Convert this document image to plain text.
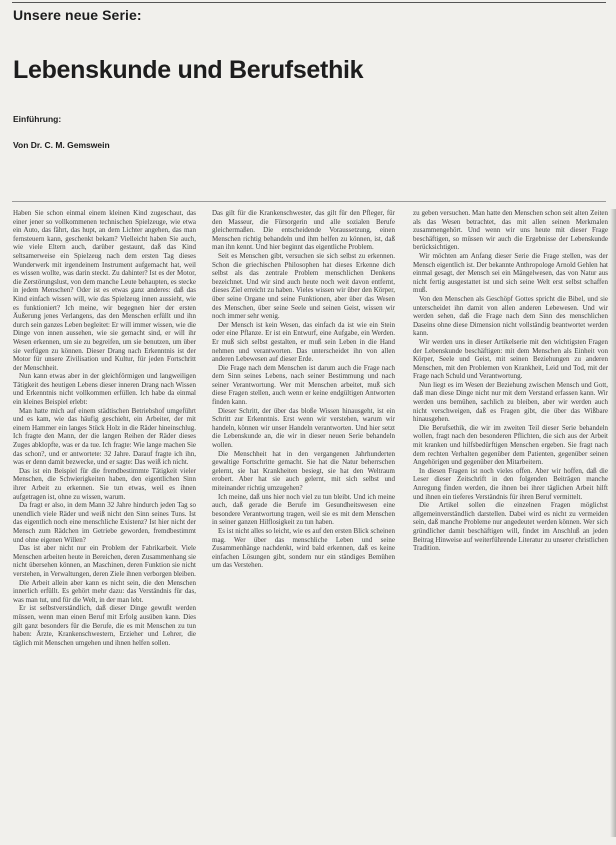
Unsere neue Serie:
Lebenskunde und Berufsethik
Einführung:
Von Dr. C. M. Gemswein

Haben Sie schon einmal einem kleinen Kind zugeschaut, das einer jener so vollkommenen technischen Spielzeuge, wie etwa ein Auto, das fährt, das hupt, an dem Lichter angehen, das man fernsteuern kann, geschenkt bekam? Vielleicht haben Sie auch, wie viele Eltern auch, darüber gestaunt, daß das Kind seltsamerweise ein Spielzeug nach dem ersten Tag dieses Wunderwerk mit irgendeinem Instrument aufgemacht hat, weil es wissen wollte, was darin steckt. Zu dahinter? Ist es der Motor, die Zerstörungslust, von dem manche Leute behaupten, es stecke in jedem Menschen? Oder ist es etwas ganz anderes: daß das Kind einfach wissen will, wie das Spielzeug innen aussieht, wie es funktioniert? Ich meine, wir begegnen hier der ersten Äußerung jenes Verlangens, das den Menschen erfüllt und ihn durch sein ganzes Leben begleitet: Er will immer wissen, wie die Dinge von innen aussehen, wie sie gemacht sind, er will ihr Wesen erkennen, um sie zu begreifen, um sie benutzen, um über sie verfügen zu können. Dieser Drang nach Erkenntnis ist der Motor für unsere Zivilisation und Kultur, für jeden Fortschritt der Menschheit.

Nun kann etwas aber in der gleichförmigen und langweiligen Tätigkeit des heutigen Lebens dieser inneren Drang nach Wissen und Erkenntnis nicht vollkommen erfüllen. Ich habe da einmal ein kleines Beispiel erlebt:

Man hatte mich auf einem städtischen Betriebshof umgeführt und es kam, wie das häufig geschieht, ein Arbeiter, der mit einem Hammer ein langes Stück Holz in die Räder hineinschlug. Ich fragte den Mann, der die langen Reihen der Räder dieses Zuges abklopfte, was er da tue. Ich fragte: Wie lange machen Sie das schon?, und er antwortete: 32 Jahre. Darauf fragte ich ihn, was er denn damit bezwecke, und er sagte: Das weiß ich nicht.

Das ist ein Beispiel für die fremdbestimmte Tätigkeit vieler Menschen, die Schwierigkeiten haben, den eigentlichen Sinn ihrer Arbeit zu erkennen. Sie tun etwas, weil es ihnen aufgetragen ist, ohne zu wissen, warum.

Da fragt er also, in dem Mann 32 Jahre hindurch jeden Tag so unendlich viele Räder und weiß nicht den Sinn seines Tuns. Ist das eigentlich noch eine menschliche Existenz? Ist hier nicht der Mensch zum Rädchen im Getriebe geworden, fremdbestimmt und ohne eigenen Willen?

Das ist aber nicht nur ein Problem der Fabrikarbeit. Viele Menschen arbeiten heute in Bereichen, deren Zusammenhang sie nicht übersehen können, an Maschinen, deren Funktion sie nicht verstehen, in Verwaltungen, deren Ziele ihnen verborgen bleiben.

Die Arbeit allein aber kann es nicht sein, die den Menschen innerlich erfüllt. Es gehört mehr dazu: das Verständnis für das, was man tut, und für die Welt, in der man lebt.

Er ist selbstverständlich, daß dieser Dinge gewußt werden müssen, wenn man einen Beruf mit Erfolg ausüben kann. Dies gilt ganz besonders für die Berufe, die es mit Menschen zu tun haben: Ärzte, Krankenschwestern, Erzieher und Lehrer, die täglich mit Menschen umgehen und ihnen helfen sollen.

Das gilt für die Krankenschwester, das gilt für den Pfleger, für den Masseur, die Fürsorgerin und alle sozialen Berufe gleichermaßen. Die entscheidende Voraussetzung, einen Menschen richtig behandeln und ihm helfen zu können, ist, daß man ihn kennt. Und hier beginnt das eigentliche Problem.

Seit es Menschen gibt, versuchen sie sich selbst zu erkennen. Schon die griechischen Philosophen hat dieses Erkenne dich selbst als das zentrale Problem menschlichen Denkens bezeichnet. Und wir sind auch heute noch weit davon entfernt, dieses Ziel erreicht zu haben. Vieles wissen wir über den Körper, über seine Organe und seine Funktionen, aber über das Wesen des Menschen, über seine Seele und seinen Geist, wissen wir noch immer sehr wenig.

Der Mensch ist kein Wesen, das einfach da ist wie ein Stein oder eine Pflanze. Er ist ein Entwurf, eine Aufgabe, ein Werden. Er muß sich selbst gestalten, er muß sein Leben in die Hand nehmen und verantworten. Das unterscheidet ihn von allen anderen Lebewesen auf dieser Erde.

Die Frage nach dem Menschen ist darum auch die Frage nach dem Sinn seines Lebens, nach seiner Bestimmung und nach seiner Verantwortung. Wer mit Menschen arbeitet, muß sich diese Fragen stellen, auch wenn er keine endgültigen Antworten finden kann.

Dieser Schritt, der über das bloße Wissen hinausgeht, ist ein Schritt zur Erkenntnis. Erst wenn wir verstehen, warum wir handeln, können wir unser Handeln verantworten. Und hier setzt die Lebenskunde an, die wir in dieser neuen Serie behandeln wollen.

Die Menschheit hat in den vergangenen Jahrhunderten gewaltige Fortschritte gemacht. Sie hat die Natur beherrschen gelernt, sie hat Krankheiten besiegt, sie hat den Weltraum erobert. Aber hat sie auch gelernt, mit sich selbst und miteinander richtig umzugehen?

Ich meine, daß uns hier noch viel zu tun bleibt. Und ich meine auch, daß gerade die Berufe im Gesundheitswesen eine besondere Verantwortung tragen, weil sie es mit dem Menschen in seiner ganzen Hilflosigkeit zu tun haben.

Es ist nicht alles so leicht, wie es auf den ersten Blick scheinen mag. Wer über das menschliche Leben und seine Zusammenhänge nachdenkt, wird bald erkennen, daß es keine einfachen Lösungen gibt, sondern nur ein ständiges Bemühen um das Verstehen.

zu geben versuchen. Man hatte den Menschen schon seit alten Zeiten als das Wesen betrachtet, das mit allen seinen Merkmalen zusammengehört. Und wenn wir uns heute mit dieser Frage beschäftigen, so müssen wir auch die Ergebnisse der Lebenskunde berücksichtigen.

Wir möchten am Anfang dieser Serie die Frage stellen, was der Mensch eigentlich ist. Der bekannte Anthropologe Arnold Gehlen hat einmal gesagt, der Mensch sei ein Mängelwesen, das von Natur aus nicht fertig ausgestattet ist und sich seine Welt erst selbst schaffen muß.

Von den Menschen als Geschöpf Gottes spricht die Bibel, und sie unterscheidet ihn damit von allen anderen Lebewesen. Und wir werden sehen, daß die Frage nach dem Sinn des menschlichen Daseins ohne diese Dimension nicht vollständig beantwortet werden kann.

Wir werden uns in dieser Artikelserie mit den wichtigsten Fragen der Lebenskunde beschäftigen: mit dem Menschen als Einheit von Körper, Seele und Geist, mit seinen Beziehungen zu anderen Menschen, mit den Problemen von Krankheit, Leid und Tod, mit der Frage nach Schuld und Verantwortung.

Nun liegt es im Wesen der Beziehung zwischen Mensch und Gott, daß man diese Dinge nicht nur mit dem Verstand erfassen kann. Wir werden uns bemühen, sachlich zu bleiben, aber wir werden auch nicht verschweigen, daß es Fragen gibt, die über das Wißbare hinausgehen.

Die Berufsethik, die wir im zweiten Teil dieser Serie behandeln wollen, fragt nach den besonderen Pflichten, die sich aus der Arbeit mit kranken und hilfsbedürftigen Menschen ergeben. Sie fragt nach dem rechten Verhalten gegenüber dem Patienten, gegenüber seinen Angehörigen und gegenüber den Mitarbeitern.

In diesen Fragen ist noch vieles offen. Aber wir hoffen, daß die Leser dieser Zeitschrift in den folgenden Beiträgen manche Anregung finden werden, die ihnen bei ihrer täglichen Arbeit hilft und ihnen ein tieferes Verständnis für ihren Beruf vermittelt.

Die Artikel sollen die einzelnen Fragen möglichst allgemeinverständlich darstellen. Dabei wird es nicht zu vermeiden sein, daß manche Probleme nur angedeutet werden können. Wer sich gründlicher damit beschäftigen will, findet im Anschluß an jeden Beitrag Hinweise auf weiterführende Literatur zu unserer christlichen Tradition.
